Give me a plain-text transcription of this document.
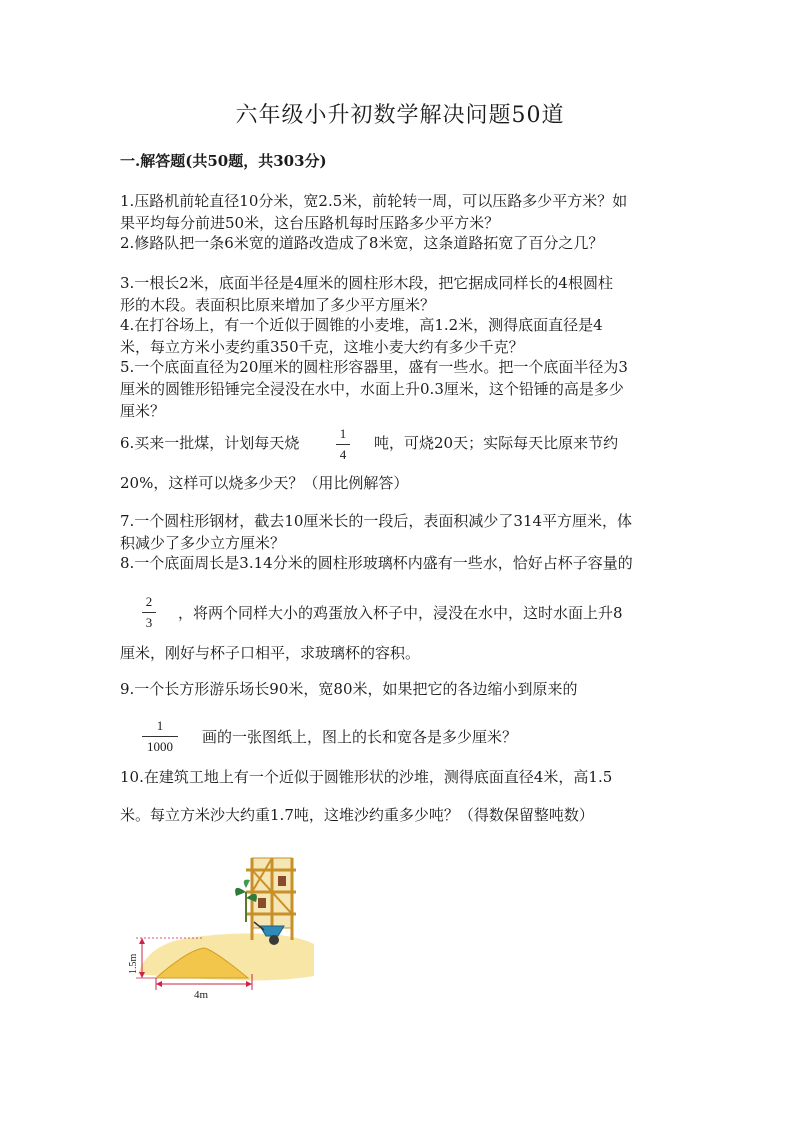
六年级小升初数学解决问题50道
一.解答题(共50题，共303分)
1.压路机前轮直径10分米，宽2.5米，前轮转一周，可以压路多少平方米？如
果平均每分前进50米，这台压路机每时压路多少平方米？
2.修路队把一条6米宽的道路改造成了8米宽，这条道路拓宽了百分之几？
3.一根长2米，底面半径是4厘米的圆柱形木段，把它据成同样长的4根圆柱
形的木段。表面积比原来增加了多少平方厘米？
4.在打谷场上，有一个近似于圆锥的小麦堆，高1.2米，测得底面直径是4
米，每立方米小麦约重350千克，这堆小麦大约有多少千克？
5.一个底面直径为20厘米的圆柱形容器里，盛有一些水。把一个底面半径为3
厘米的圆锥形铅锤完全浸没在水中，水面上升0.3厘米，这个铅锤的高是多少
厘米？
6.买来一批煤，计划每天烧
1
4
吨，可烧20天；实际每天比原来节约
20%，这样可以烧多少天？（用比例解答）
7.一个圆柱形钢材，截去10厘米长的一段后，表面积减少了314平方厘米，体
积减少了多少立方厘米？
8.一个底面周长是3.14分米的圆柱形玻璃杯内盛有一些水，恰好占杯子容量的
2
3
，将两个同样大小的鸡蛋放入杯子中，浸没在水中，这时水面上升8
厘米，刚好与杯子口相平，求玻璃杯的容积。
9.一个长方形游乐场长90米，宽80米，如果把它的各边缩小到原来的
1
1000
画的一张图纸上，图上的长和宽各是多少厘米？
10.在建筑工地上有一个近似于圆锥形状的沙堆，测得底面直径4米，高1.5
米。每立方米沙大约重1.7吨，这堆沙约重多少吨？（得数保留整吨数）
1.5m
4m
